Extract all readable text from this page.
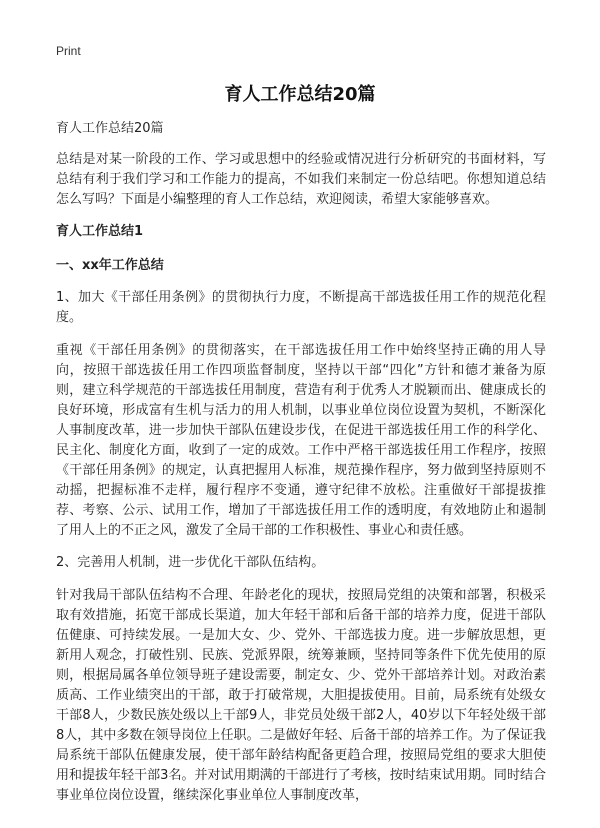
Print
育人工作总结20篇

育人工作总结20篇

总结是对某一阶段的工作、学习或思想中的经验或情况进行分析研究的书面材料，写总结有利于我们学习和工作能力的提高，不如我们来制定一份总结吧。你想知道总结怎么写吗？下面是小编整理的育人工作总结，欢迎阅读，希望大家能够喜欢。

育人工作总结1

一、xx年工作总结

1、加大《干部任用条例》的贯彻执行力度，不断提高干部选拔任用工作的规范化程度。

重视《干部任用条例》的贯彻落实，在干部选拔任用工作中始终坚持正确的用人导向，按照干部选拔任用工作四项监督制度，坚持以干部“四化”方针和德才兼备为原则，建立科学规范的干部选拔任用制度，营造有利于优秀人才脱颖而出、健康成长的良好环境，形成富有生机与活力的用人机制，以事业单位岗位设置为契机，不断深化人事制度改革，进一步加快干部队伍建设步伐，在促进干部选拔任用工作的科学化、民主化、制度化方面，收到了一定的成效。工作中严格干部选拔任用工作程序，按照《干部任用条例》的规定，认真把握用人标准，规范操作程序，努力做到坚持原则不动摇，把握标准不走样，履行程序不变通，遵守纪律不放松。注重做好干部提拔推荐、考察、公示、试用工作，增加了干部选拔任用工作的透明度，有效地防止和遏制了用人上的不正之风，激发了全局干部的工作积极性、事业心和责任感。

2、完善用人机制，进一步优化干部队伍结构。

针对我局干部队伍结构不合理、年龄老化的现状，按照局党组的决策和部署，积极采取有效措施，拓宽干部成长渠道，加大年轻干部和后备干部的培养力度，促进干部队伍健康、可持续发展。一是加大女、少、党外、干部选拔力度。进一步解放思想，更新用人观念，打破性别、民族、党派界限，统筹兼顾，坚持同等条件下优先使用的原则，根据局属各单位领导班子建设需要，制定女、少、党外干部培养计划。对政治素质高、工作业绩突出的干部，敢于打破常规，大胆提拔使用。目前，局系统有处级女干部8人，少数民族处级以上干部9人，非党员处级干部2人，40岁以下年轻处级干部8人，其中多数在领导岗位上任职。二是做好年轻、后备干部的培养工作。为了保证我局系统干部队伍健康发展，使干部年龄结构配备更趋合理，按照局党组的要求大胆使用和提拔年轻干部3名。并对试用期满的干部进行了考核，按时结束试用期。同时结合事业单位岗位设置，继续深化事业单位人事制度改革，
